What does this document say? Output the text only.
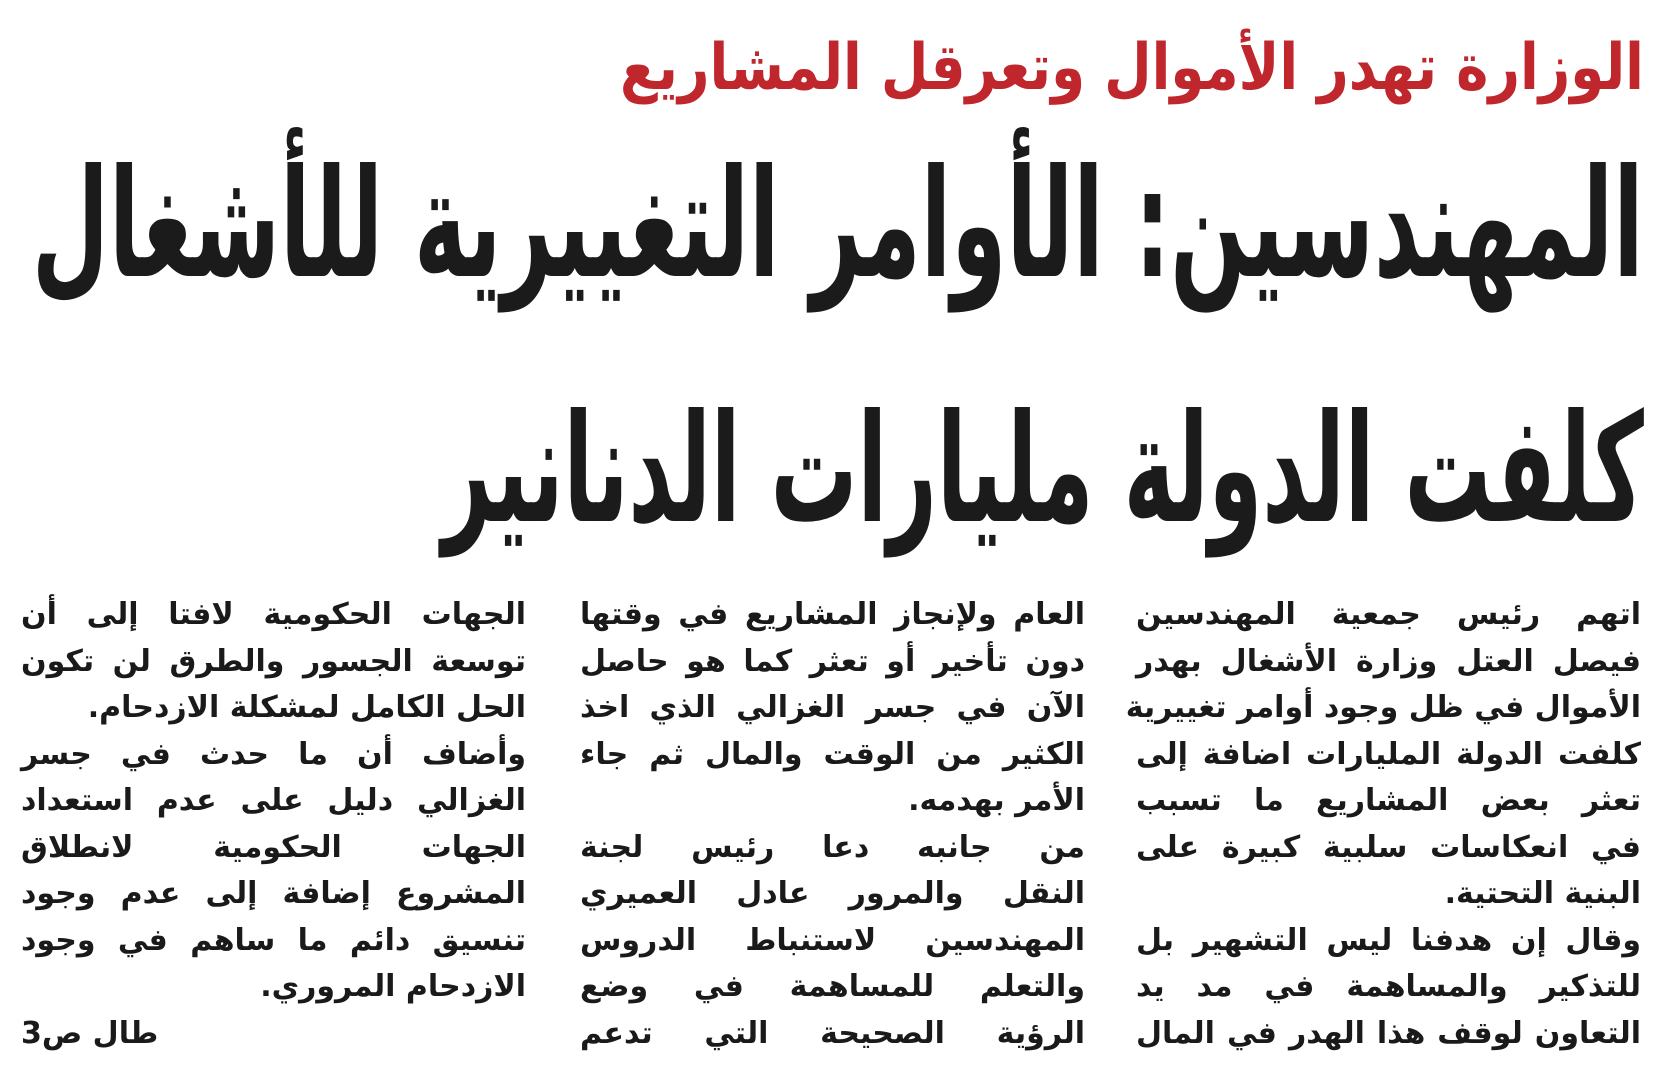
الوزارة تهدر الأموال وتعرقل المشاريع
المهندسين: الأوامر التغييرية للأشغال
كلفت الدولة مليارات الدنانير
اتهم رئيس جمعية المهندسين
فيصل العتل وزارة الأشغال بهدر
الأموال في ظل وجود أوامر تغييرية
كلفت الدولة المليارات اضافة إلى
تعثر بعض المشاريع ما تسبب
في انعكاسات سلبية كبيرة على
البنية التحتية.
وقال إن هدفنا ليس التشهير بل
للتذكير والمساهمة في مد يد
التعاون لوقف هذا الهدر في المال
العام ولإنجاز المشاريع في وقتها
دون تأخير أو تعثر كما هو حاصل
الآن في جسر الغزالي الذي اخذ
الكثير من الوقت والمال ثم جاء
الأمر بهدمه.
من جانبه دعا رئيس لجنة
النقل والمرور عادل العميري
المهندسين لاستنباط الدروس
والتعلم للمساهمة في وضع
الرؤية الصحيحة التي تدعم
الجهات الحكومية لافتا إلى أن
توسعة الجسور والطرق لن تكون
الحل الكامل لمشكلة الازدحام.
وأضاف أن ما حدث في جسر
الغزالي دليل على عدم استعداد
الجهات الحكومية لانطلاق
المشروع إضافة إلى عدم وجود
تنسيق دائم ما ساهم في وجود
الازدحام المروري.
طال ص3
